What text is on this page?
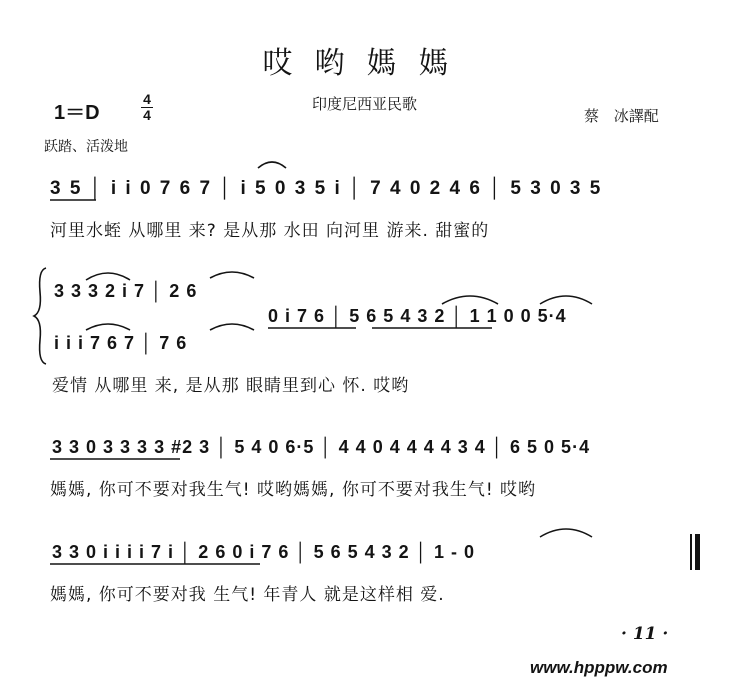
哎哟媽媽
1＝D
4
4
印度尼西亚民歌
蔡 冰譯配
跃踏、活泼地
3 5 │ i i 0 7 6 7 │ i 5 0 3 5 i │ 7 4 0 2 4 6 │ 5 3 0 3 5
河里水蛭 从哪里 来? 是从那 水田 向河里 游来. 甜蜜的
3 3 3 2 i 7 │ 2 6
i i i 7 6 7 │ 7 6
0 i 7 6 │ 5 6 5 4 3 2 │ 1 1 0 0 5·4
爱情 从哪里 来, 是从那 眼睛里到心 怀. 哎哟
3 3 0 3 3 3 3 #2 3 │ 5 4 0 6·5 │ 4 4 0 4 4 4 4 3 4 │ 6 5 0 5·4
媽媽, 你可不要对我生气! 哎哟媽媽, 你可不要对我生气! 哎哟
3 3 0 i i i i 7 i │ 2 6 0 i 7 6 │ 5 6 5 4 3 2 │ 1 - 0
媽媽, 你可不要对我 生气! 年青人 就是这样相 爱.
· 11 ·
www.hpppw.com
